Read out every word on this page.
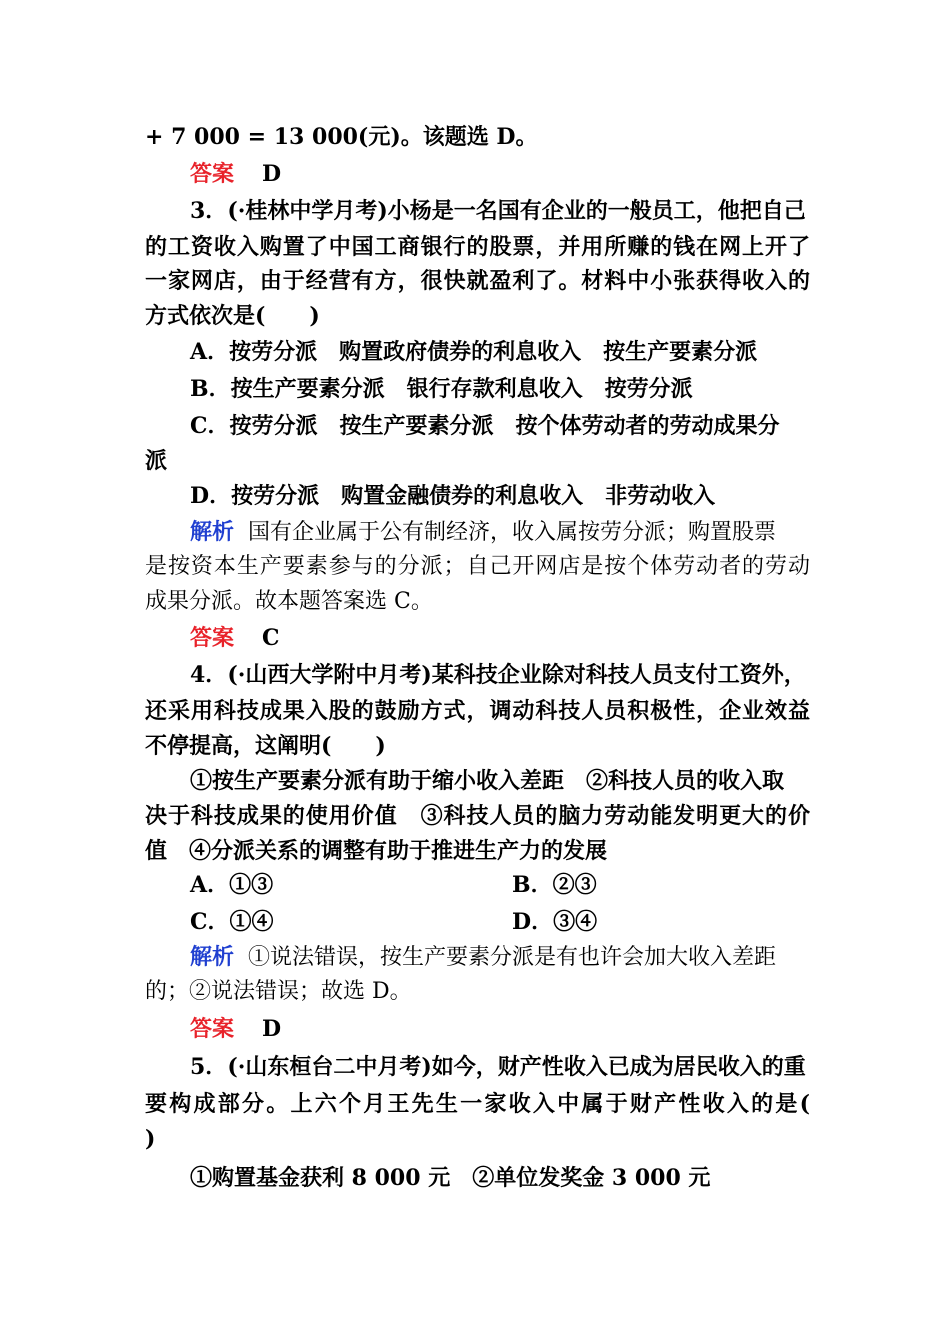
+ 7 000 = 13 000(元)。该题选 D。
答案 D
3．(·桂林中学月考)小杨是一名国有企业的一般员工，他把自己
的工资收入购置了中国工商银行的股票，并用所赚的钱在网上开了
一家网店，由于经营有方，很快就盈利了。材料中小张获得收入的
方式依次是(　　)
A．按劳分派　购置政府债券的利息收入　按生产要素分派
B．按生产要素分派　银行存款利息收入　按劳分派
C．按劳分派　按生产要素分派　按个体劳动者的劳动成果分
派
D．按劳分派　购置金融债券的利息收入　非劳动收入
解析 国有企业属于公有制经济，收入属按劳分派；购置股票
是按资本生产要素参与的分派；自己开网店是按个体劳动者的劳动
成果分派。故本题答案选 C。
答案 C
4．(·山西大学附中月考)某科技企业除对科技人员支付工资外，
还采用科技成果入股的鼓励方式，调动科技人员积极性，企业效益
不停提高，这阐明(　　)
①按生产要素分派有助于缩小收入差距　②科技人员的收入取
决于科技成果的使用价值　③科技人员的脑力劳动能发明更大的价
值　④分派关系的调整有助于推进生产力的发展
A．①③	B．②③
C．①④	D．③④
解析 ①说法错误，按生产要素分派是有也许会加大收入差距
的；②说法错误；故选 D。
答案 D
5．(·山东桓台二中月考)如今，财产性收入已成为居民收入的重
要构成部分。上六个月王先生一家收入中属于财产性收入的是(
)
①购置基金获利 8 000 元　②单位发奖金 3 000 元
